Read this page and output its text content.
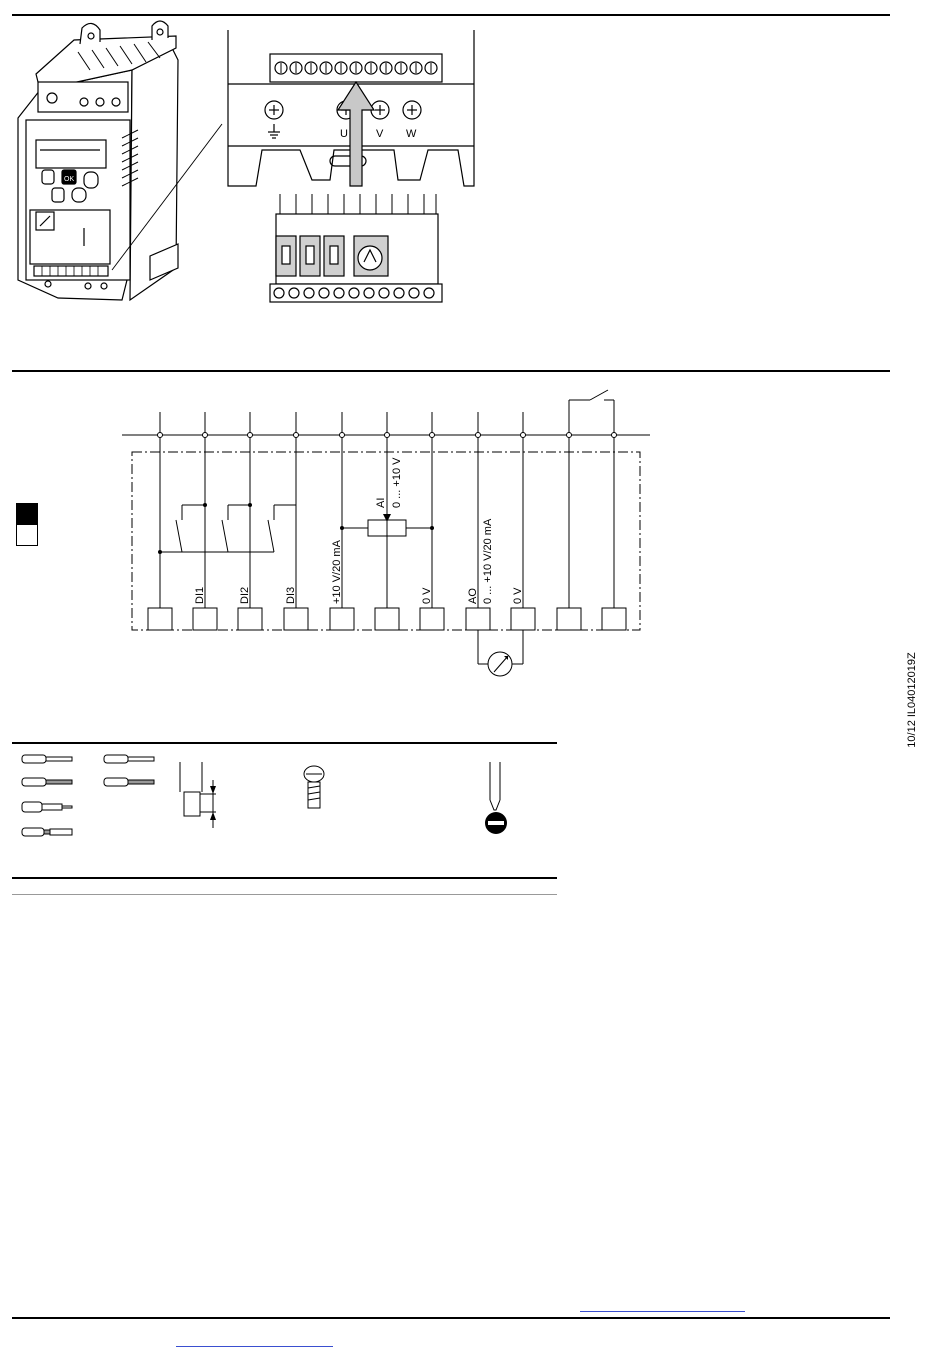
10/12 IL04012019Z
OK
U	V W
DI1	DI2	DI3	+10 V/20 mA	0 V	AO 0 ... +10 V/20 mA 0 V
AI 0 ... +10 V
